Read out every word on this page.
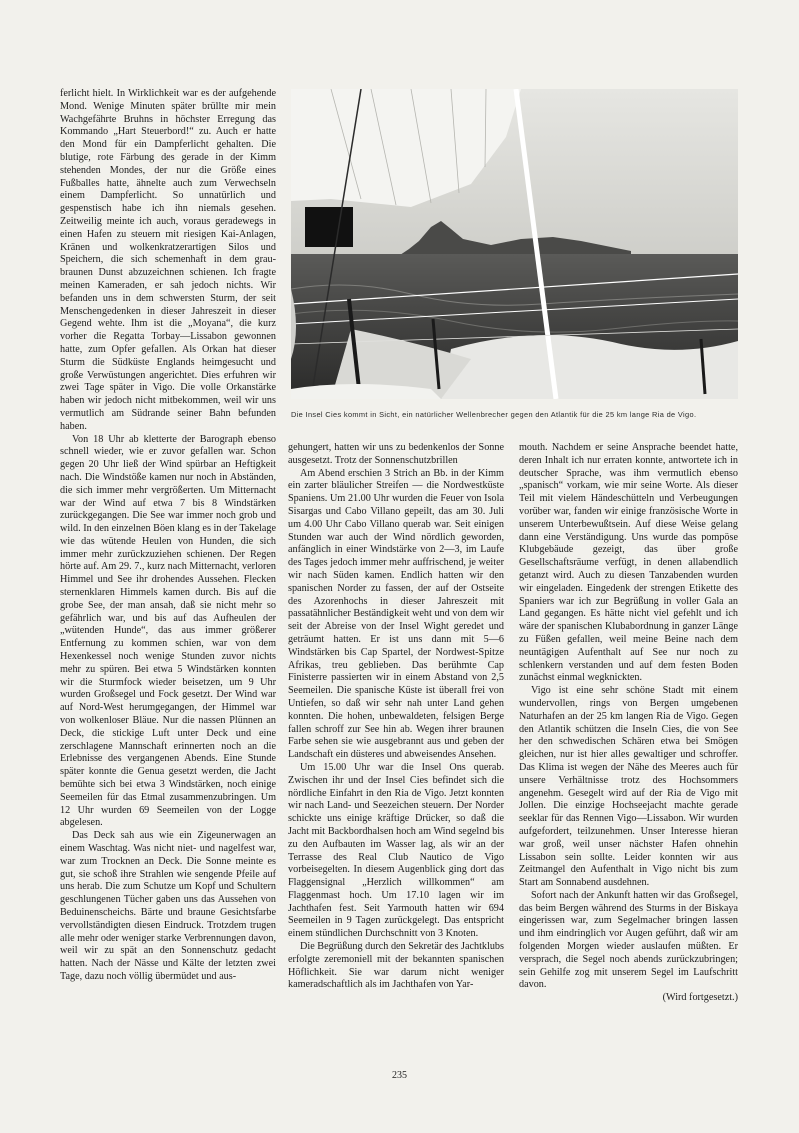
ferlicht hielt. In Wirklichkeit war es der aufgehende Mond. Wenige Minuten später brüllte mir mein Wachgefährte Bruhns in höchster Erregung das Kommando „Hart Steuerbord!“ zu. Auch er hatte den Mond für ein Dampferlicht gehalten. Die blutige, rote Färbung des gerade in der Kimm stehenden Mondes, der nur die Größe eines Fußballes hatte, ähnelte auch zum Verwechseln einem Dampferlicht. So unnatürlich und gespenstisch habe ich ihn niemals gesehen. Zeitweilig meinte ich auch, voraus geradewegs in einen Hafen zu steuern mit riesigen Kai-Anlagen, Kränen und wolkenkratzerartigen Silos und Speichern, die sich schemenhaft in dem grau-braunen Dunst abzuzeichnen schienen. Ich fragte meinen Kameraden, er sah jedoch nichts. Wir befanden uns in dem schwersten Sturm, der seit Menschengedenken in dieser Jahreszeit in dieser Gegend wehte. Ihm ist die „Moyana“, die kurz vorher die Regatta Torbay—Lissabon gewonnen hatte, zum Opfer gefallen. Als Orkan hat dieser Sturm die Südküste Englands heimgesucht und große Verwüstungen angerichtet. Dies erfuhren wir zwei Tage später in Vigo. Die volle Orkanstärke haben wir jedoch nicht mitbekommen, weil wir uns vermutlich am Südrande seiner Bahn befunden haben.

Von 18 Uhr ab kletterte der Barograph ebenso schnell wieder, wie er zuvor gefallen war. Schon gegen 20 Uhr ließ der Wind spürbar an Heftigkeit nach. Die Windstöße kamen nur noch in Abständen, die sich immer mehr vergrößerten. Um Mitternacht war der Wind auf etwa 7 bis 8 Windstärken zurückgegangen. Die See war immer noch grob und wild. In den einzelnen Böen klang es in der Takelage wie das wütende Heulen von Hunden, die sich immer mehr zurückzuziehen schienen. Der Regen hörte auf. Am 29. 7., kurz nach Mitternacht, verloren Himmel und See ihr drohendes Aussehen. Flecken sternenklaren Himmels kamen durch. Bis auf die grobe See, der man ansah, daß sie nicht mehr so gefährlich war, und bis auf das Aufheulen der „wütenden Hunde“, das aus immer größerer Entfernung zu kommen schien, war von dem Hexenkessel noch wenige Stunden zuvor nichts mehr zu spüren. Bei etwa 5 Windstärken konnten wir die Sturmfock wieder beisetzen, um 9 Uhr wurden Großsegel und Fock gesetzt. Der Wind war auf Nord-West herumgegangen, der Himmel war von wolkenloser Bläue. Nur die nassen Plünnen an Deck, die stickige Luft unter Deck und eine zerschlagene Mannschaft erinnerten noch an die Erlebnisse des vergangenen Abends. Eine Stunde später konnte die Genua gesetzt werden, die Jacht bemühte sich bei etwa 3 Windstärken, noch einige Seemeilen für das Etmal zusammenzubringen. Um 12 Uhr wurden 69 Seemeilen von der Logge abgelesen.

Das Deck sah aus wie ein Zigeunerwagen an einem Waschtag. Was nicht niet- und nagelfest war, war zum Trocknen an Deck. Die Sonne meinte es gut, sie schoß ihre Strahlen wie sengende Pfeile auf uns herab. Die zum Schutze um Kopf und Schultern geschlungenen Tücher gaben uns das Aussehen von Beduinenscheichs. Bärte und braune Gesichtsfarbe vervollständigten diesen Eindruck. Trotzdem trugen alle mehr oder weniger starke Verbrennungen davon, weil wir zu spät an den Sonnenschutz gedacht hatten. Nach der Nässe und Kälte der letzten zwei Tage, dazu noch völlig übermüdet und aus-

Die Insel Cies kommt in Sicht, ein natürlicher Wellenbrecher gegen den Atlantik für die 25 km lange Ria de Vigo.

gehungert, hatten wir uns zu bedenkenlos der Sonne ausgesetzt. Trotz der Sonnenschutzbrillen

Am Abend erschien 3 Strich an Bb. in der Kimm ein zarter bläulicher Streifen — die Nordwestküste Spaniens. Um 21.00 Uhr wurden die Feuer von Isola Sisargas und Cabo Villano gepeilt, das am 30. Juli um 4.00 Uhr Cabo Villano querab war. Seit einigen Stunden war auch der Wind nördlich geworden, anfänglich in einer Windstärke von 2—3, im Laufe des Tages jedoch immer mehr auffrischend, je weiter wir nach Süden kamen. Endlich hatten wir den spanischen Norder zu fassen, der auf der Ostseite des Azorenhochs in dieser Jahreszeit mit passatähnlicher Beständigkeit weht und von dem wir seit der Abreise von der Insel Wight geredet und geträumt hatten. Er ist uns dann mit 5—6 Windstärken bis Cap Spartel, der Nordwest-Spitze Afrikas, treu geblieben. Das berühmte Cap Finisterre passierten wir in einem Abstand von 2,5 Seemeilen. Die spanische Küste ist überall frei von Untiefen, so daß wir sehr nah unter Land gehen konnten. Die hohen, unbewaldeten, felsigen Berge fallen schroff zur See hin ab. Wegen ihrer braunen Farbe sehen sie wie ausgebrannt aus und geben der Landschaft ein düsteres und abweisendes Ansehen.

Um 15.00 Uhr war die Insel Ons querab. Zwischen ihr und der Insel Cies befindet sich die nördliche Einfahrt in den Ria de Vigo. Jetzt konnten wir nach Land- und Seezeichen steuern. Der Norder schickte uns einige kräftige Drücker, so daß die Jacht mit Backbordhalsen hoch am Wind segelnd bis zu den Aufbauten im Wasser lag, als wir an der Terrasse des Real Club Nautico de Vigo vorbeisegelten. In diesem Augenblick ging dort das Flaggensignal „Herzlich willkommen“ am Flaggenmast hoch. Um 17.10 lagen wir im Jachthafen fest. Seit Yarmouth hatten wir 694 Seemeilen in 9 Tagen zurückgelegt. Das entspricht einem stündlichen Durchschnitt von 3 Knoten.

Die Begrüßung durch den Sekretär des Jachtklubs erfolgte zeremoniell mit der bekannten spanischen Höflichkeit. Sie war darum nicht weniger kameradschaftlich als im Jachthafen von Yar-

mouth. Nachdem er seine Ansprache beendet hatte, deren Inhalt ich nur erraten konnte, antwortete ich in deutscher Sprache, was ihm vermutlich ebenso „spanisch“ vorkam, wie mir seine Worte. Als dieser Teil mit vielem Händeschütteln und Verbeugungen vorüber war, fanden wir einige französische Worte in unserem Unterbewußtsein. Auf diese Weise gelang dann eine Verständigung. Uns wurde das pompöse Klubgebäude gezeigt, das über große Gesellschaftsräume verfügt, in denen allabendlich getanzt wird. Auch zu diesen Tanzabenden wurden wir eingeladen. Eingedenk der strengen Etikette des Spaniers war ich zur Begrüßung in voller Gala an Land gegangen. Es hätte nicht viel gefehlt und ich wäre der spanischen Klubabordnung in ganzer Länge zu Füßen gefallen, weil meine Beine nach dem neuntägigen Aufenthalt auf See nur noch zu schlenkern verstanden und auf dem festen Boden zunächst einmal wegknickten.

Vigo ist eine sehr schöne Stadt mit einem wundervollen, rings von Bergen umgebenen Naturhafen an der 25 km langen Ria de Vigo. Gegen den Atlantik schützen die Inseln Cies, die von See her den schwedischen Schären etwa bei Smögen gleichen, nur ist hier alles gewaltiger und schroffer. Das Klima ist wegen der Nähe des Meeres auch für unsere Verhältnisse trotz des Hochsommers angenehm. Gesegelt wird auf der Ria de Vigo mit Jollen. Die einzige Hochseejacht machte gerade seeklar für das Rennen Vigo—Lissabon. Wir wurden aufgefordert, teilzunehmen. Unser Interesse hieran war groß, weil unser nächster Hafen ohnehin Lissabon sein sollte. Leider konnten wir aus Zeitmangel den Aufenthalt in Vigo nicht bis zum Start am Sonnabend ausdehnen.

Sofort nach der Ankunft hatten wir das Großsegel, das beim Bergen während des Sturms in der Biskaya eingerissen war, zum Segelmacher bringen lassen und ihm eindringlich vor Augen geführt, daß wir am folgenden Morgen wieder auslaufen müßten. Er versprach, die Segel noch abends zurückzubringen; sein Gehilfe zog mit unserem Segel im Laufschritt davon.

(Wird fortgesetzt.)

235
